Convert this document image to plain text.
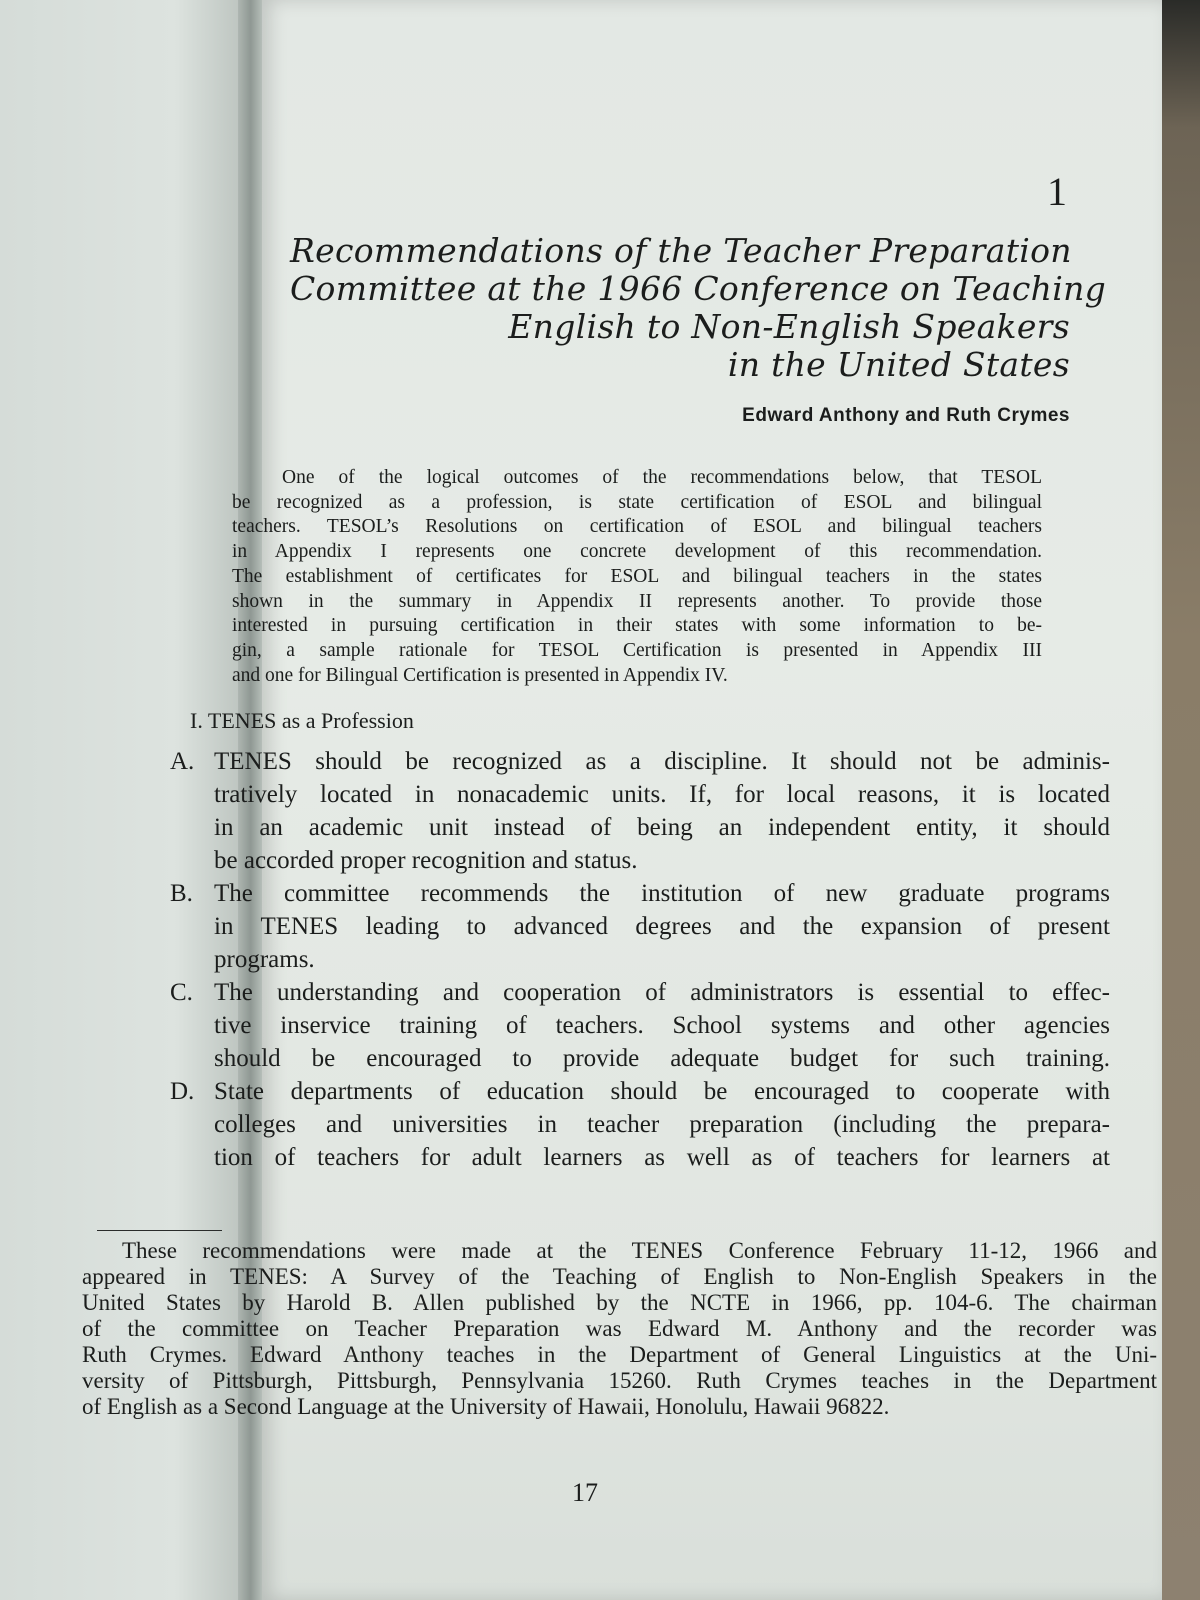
1
Recommendations of the Teacher Preparation
Committee at the 1966 Conference on Teaching
English to Non-English Speakers
in the United States
Edward Anthony and Ruth Crymes
One of the logical outcomes of the recommendations below, that TESOL
be recognized as a profession, is state certification of ESOL and bilingual
teachers. TESOL’s Resolutions on certification of ESOL and bilingual teachers
in Appendix I represents one concrete development of this recommendation.
The establishment of certificates for ESOL and bilingual teachers in the states
shown in the summary in Appendix II represents another. To provide those
interested in pursuing certification in their states with some information to be-
gin, a sample rationale for TESOL Certification is presented in Appendix III
and one for Bilingual Certification is presented in Appendix IV.
I. TENES as a Profession
A. TENES should be recognized as a discipline. It should not be adminis-
tratively located in nonacademic units. If, for local reasons, it is located
in an academic unit instead of being an independent entity, it should
be accorded proper recognition and status.
B. The committee recommends the institution of new graduate programs
in TENES leading to advanced degrees and the expansion of present
programs.
C. The understanding and cooperation of administrators is essential to effec-
tive inservice training of teachers. School systems and other agencies
should be encouraged to provide adequate budget for such training.
D. State departments of education should be encouraged to cooperate with
colleges and universities in teacher preparation (including the prepara-
tion of teachers for adult learners as well as of teachers for learners at
These recommendations were made at the TENES Conference February 11-12, 1966 and
appeared in TENES: A Survey of the Teaching of English to Non-English Speakers in the
United States by Harold B. Allen published by the NCTE in 1966, pp. 104-6. The chairman
of the committee on Teacher Preparation was Edward M. Anthony and the recorder was
Ruth Crymes. Edward Anthony teaches in the Department of General Linguistics at the Uni-
versity of Pittsburgh, Pittsburgh, Pennsylvania 15260. Ruth Crymes teaches in the Department
of English as a Second Language at the University of Hawaii, Honolulu, Hawaii 96822.
17
